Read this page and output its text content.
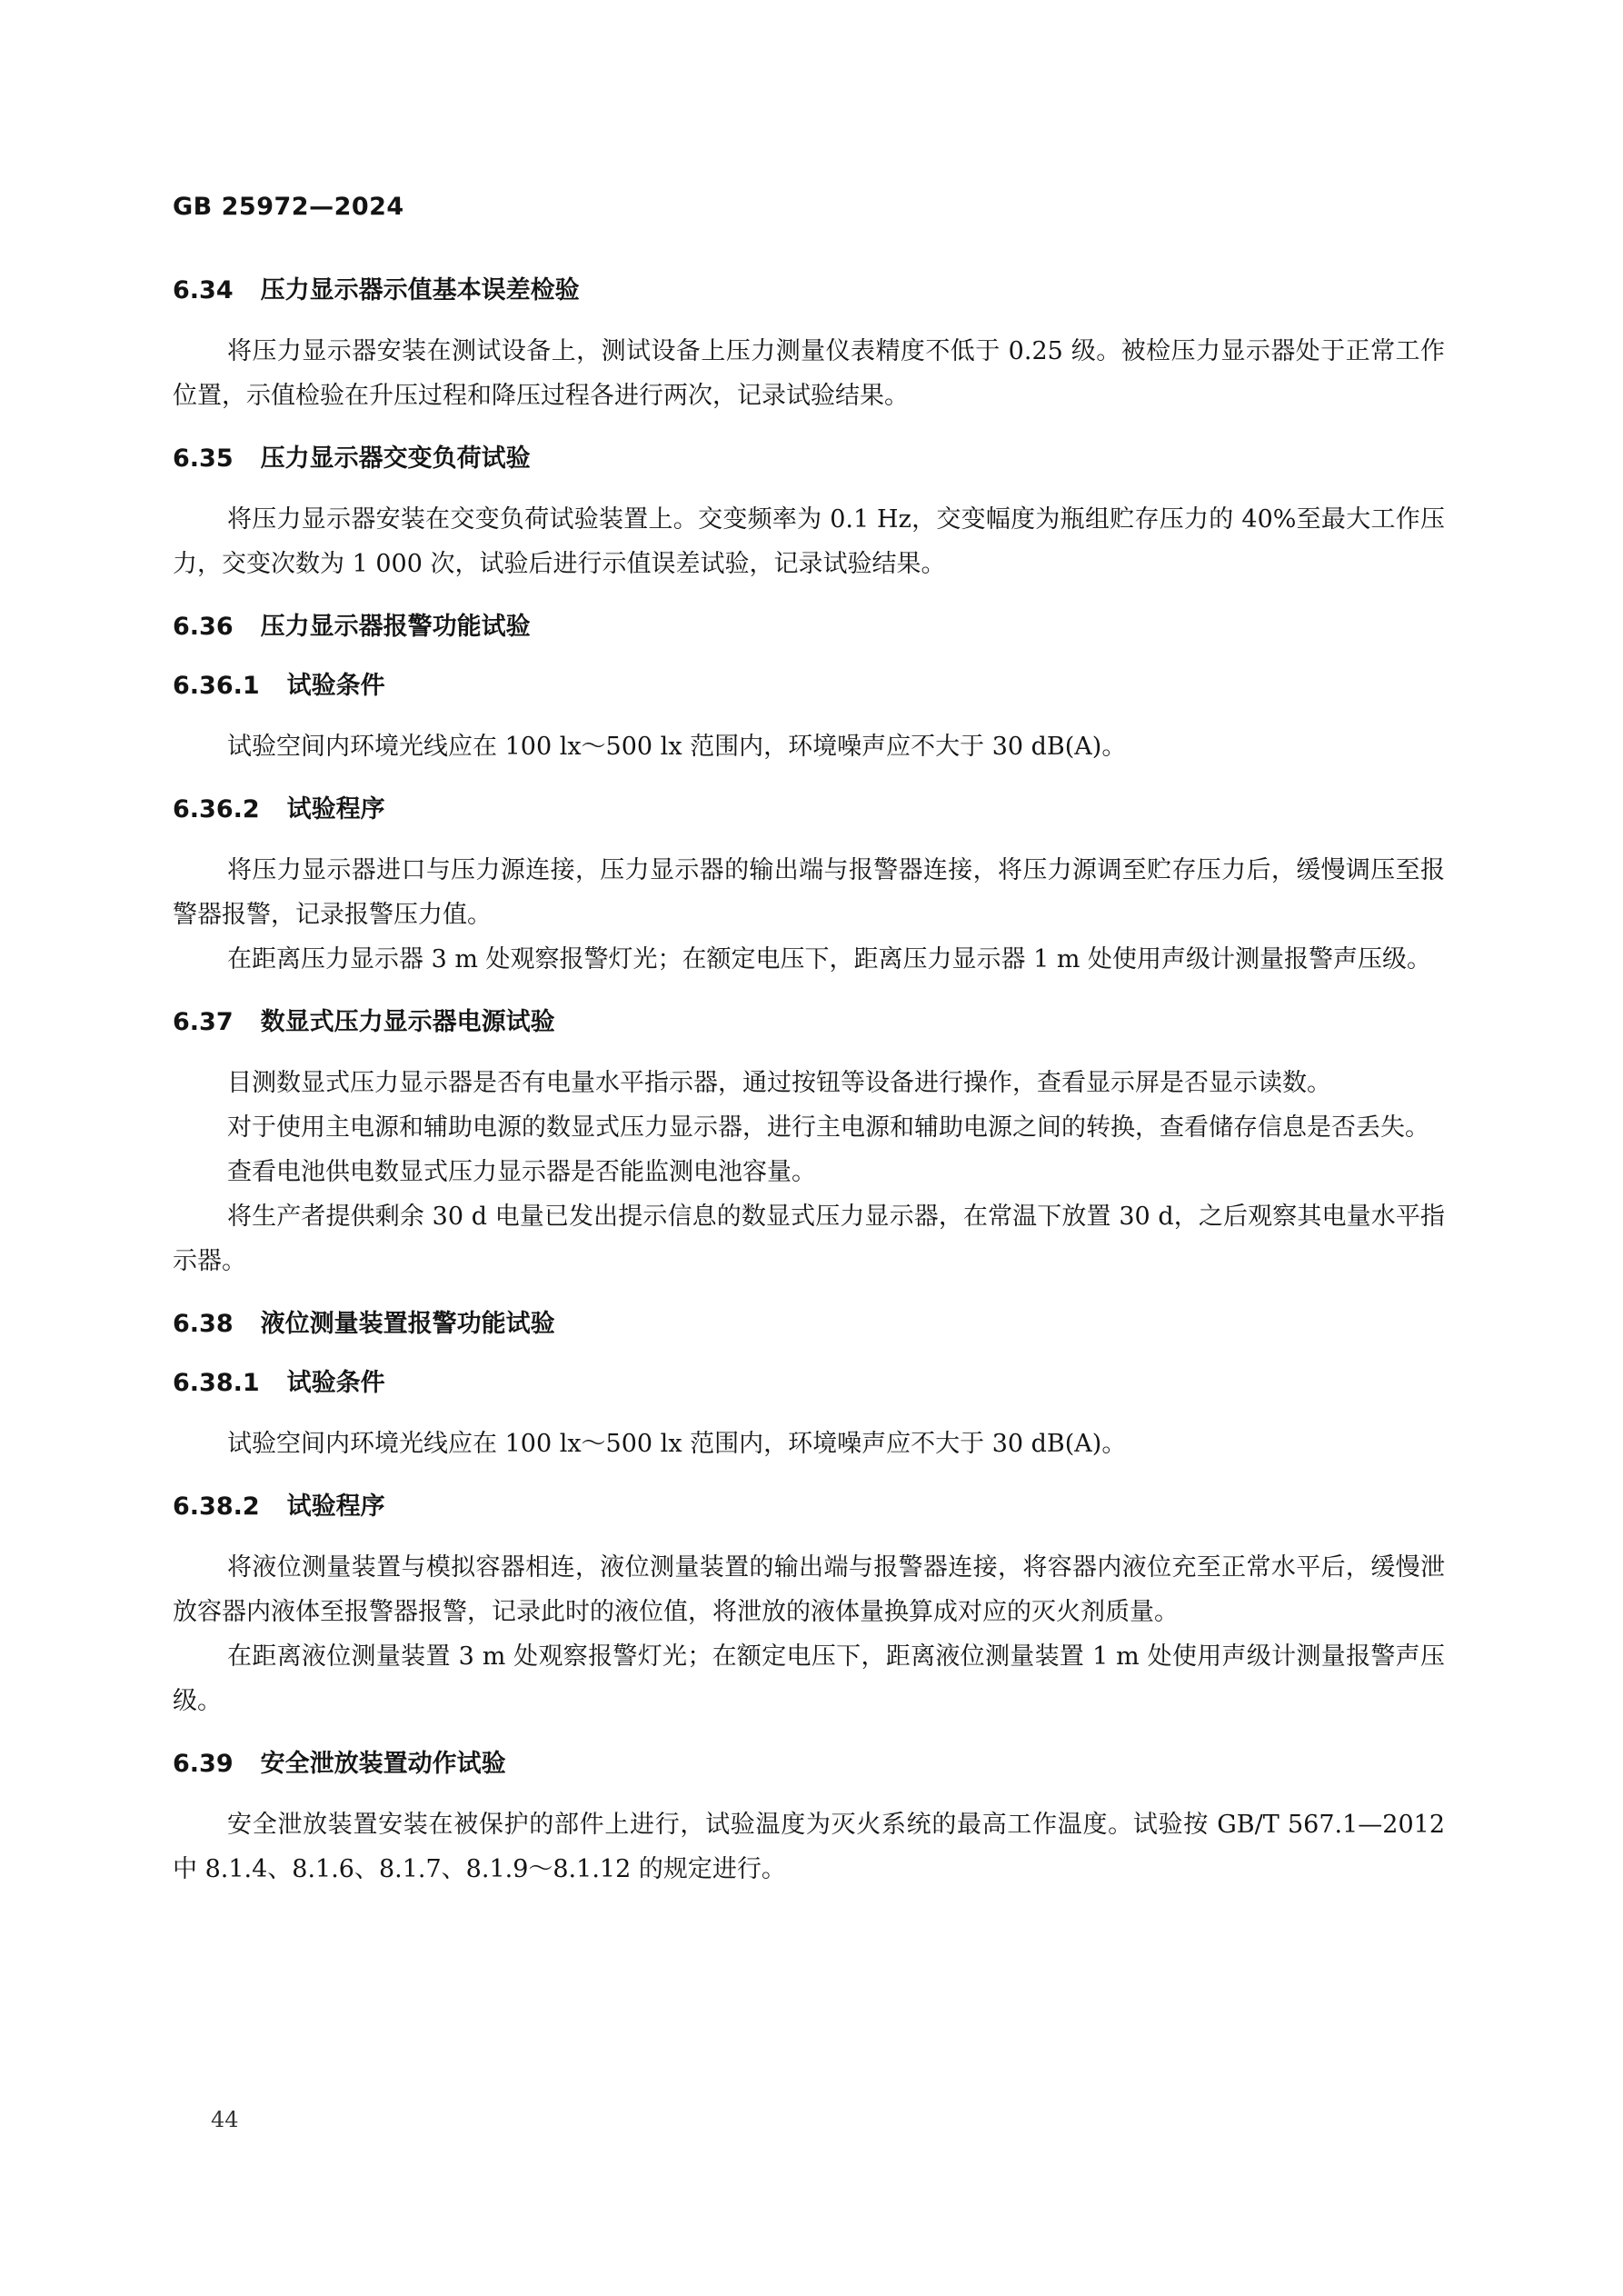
GB 25972—2024
6.34 压力显示器示值基本误差检验

将压力显示器安装在测试设备上，测试设备上压力测量仪表精度不低于 0.25 级。被检压力显示器处于正常工作位置，示值检验在升压过程和降压过程各进行两次，记录试验结果。

6.35 压力显示器交变负荷试验

将压力显示器安装在交变负荷试验装置上。交变频率为 0.1 Hz，交变幅度为瓶组贮存压力的 40%至最大工作压力，交变次数为 1 000 次，试验后进行示值误差试验，记录试验结果。

6.36 压力显示器报警功能试验
6.36.1 试验条件

试验空间内环境光线应在 100 lx～500 lx 范围内，环境噪声应不大于 30 dB(A)。

6.36.2 试验程序

将压力显示器进口与压力源连接，压力显示器的输出端与报警器连接，将压力源调至贮存压力后，缓慢调压至报警器报警，记录报警压力值。

在距离压力显示器 3 m 处观察报警灯光；在额定电压下，距离压力显示器 1 m 处使用声级计测量报警声压级。

6.37 数显式压力显示器电源试验

目测数显式压力显示器是否有电量水平指示器，通过按钮等设备进行操作，查看显示屏是否显示读数。

对于使用主电源和辅助电源的数显式压力显示器，进行主电源和辅助电源之间的转换，查看储存信息是否丢失。

查看电池供电数显式压力显示器是否能监测电池容量。

将生产者提供剩余 30 d 电量已发出提示信息的数显式压力显示器，在常温下放置 30 d，之后观察其电量水平指示器。

6.38 液位测量装置报警功能试验
6.38.1 试验条件

试验空间内环境光线应在 100 lx～500 lx 范围内，环境噪声应不大于 30 dB(A)。

6.38.2 试验程序

将液位测量装置与模拟容器相连，液位测量装置的输出端与报警器连接，将容器内液位充至正常水平后，缓慢泄放容器内液体至报警器报警，记录此时的液位值，将泄放的液体量换算成对应的灭火剂质量。

在距离液位测量装置 3 m 处观察报警灯光；在额定电压下，距离液位测量装置 1 m 处使用声级计测量报警声压级。

6.39 安全泄放装置动作试验

安全泄放装置安装在被保护的部件上进行，试验温度为灭火系统的最高工作温度。试验按 GB/T 567.1—2012 中 8.1.4、8.1.6、8.1.7、8.1.9～8.1.12 的规定进行。

44
